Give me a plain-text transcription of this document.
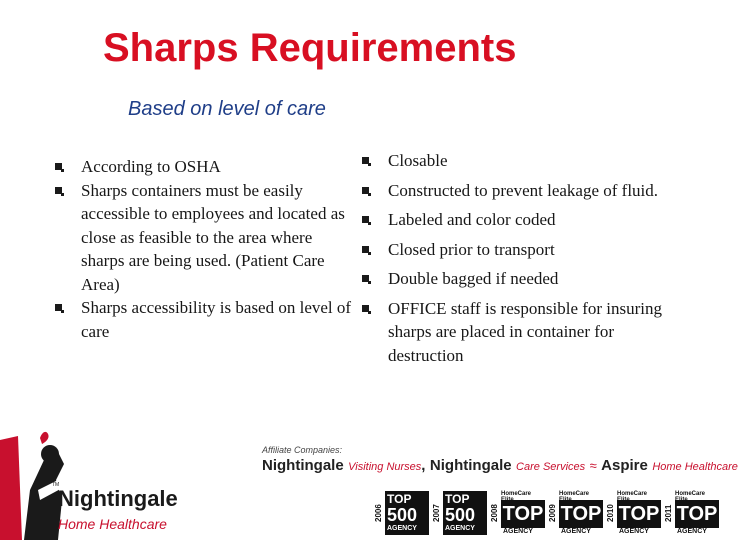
Sharps Requirements
Based on level of care
According to OSHA
Sharps containers must be easily accessible to employees and located as close as feasible to the area where sharps are being used. (Patient Care Area)
Sharps accessibility is based on level of care
Closable
Constructed to prevent leakage of fluid.
Labeled and color coded
Closed prior to transport
Double bagged if needed
OFFICE staff is responsible for insuring sharps are placed in container for destruction
Nightingale
Home Healthcare
TM
Affiliate Companies:
Nightingale Visiting Nurses, Nightingale Care Services ≈ Aspire Home Healthcare
2006
TOP
500
AGENCY
2007
TOP
500
AGENCY
2008
HomeCare
TOP
AGENCY
2009
HomeCare
TOP
AGENCY
2010
HomeCare
TOP
AGENCY
2011
HomeCare
TOP
AGENCY
